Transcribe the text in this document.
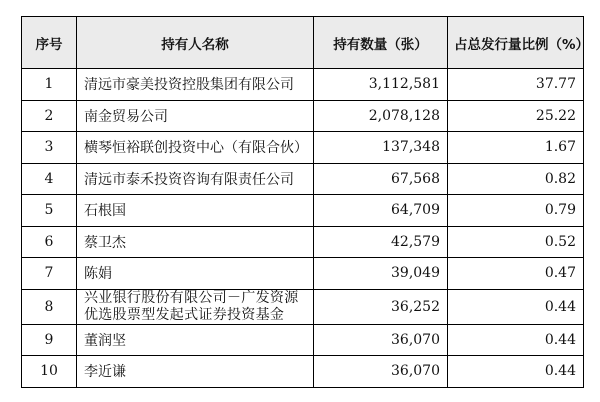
序号	持有人名称	持有数量（张）	占总发行量比例（%）
1	清远市豪美投资控股集团有限公司	3,112,581	37.77
2	南金贸易公司	2,078,128	25.22
3	横琴恒裕联创投资中心（有限合伙）	137,348	1.67
4	清远市泰禾投资咨询有限责任公司	67,568	0.82
5	石根国	64,709	0.79
6	蔡卫杰	42,579	0.52
7	陈娟	39,049	0.47
8	兴业银行股份有限公司－广发资源优选股票型发起式证券投资基金	36,252	0.44
9	董润坚	36,070	0.44
10	李近谦	36,070	0.44
